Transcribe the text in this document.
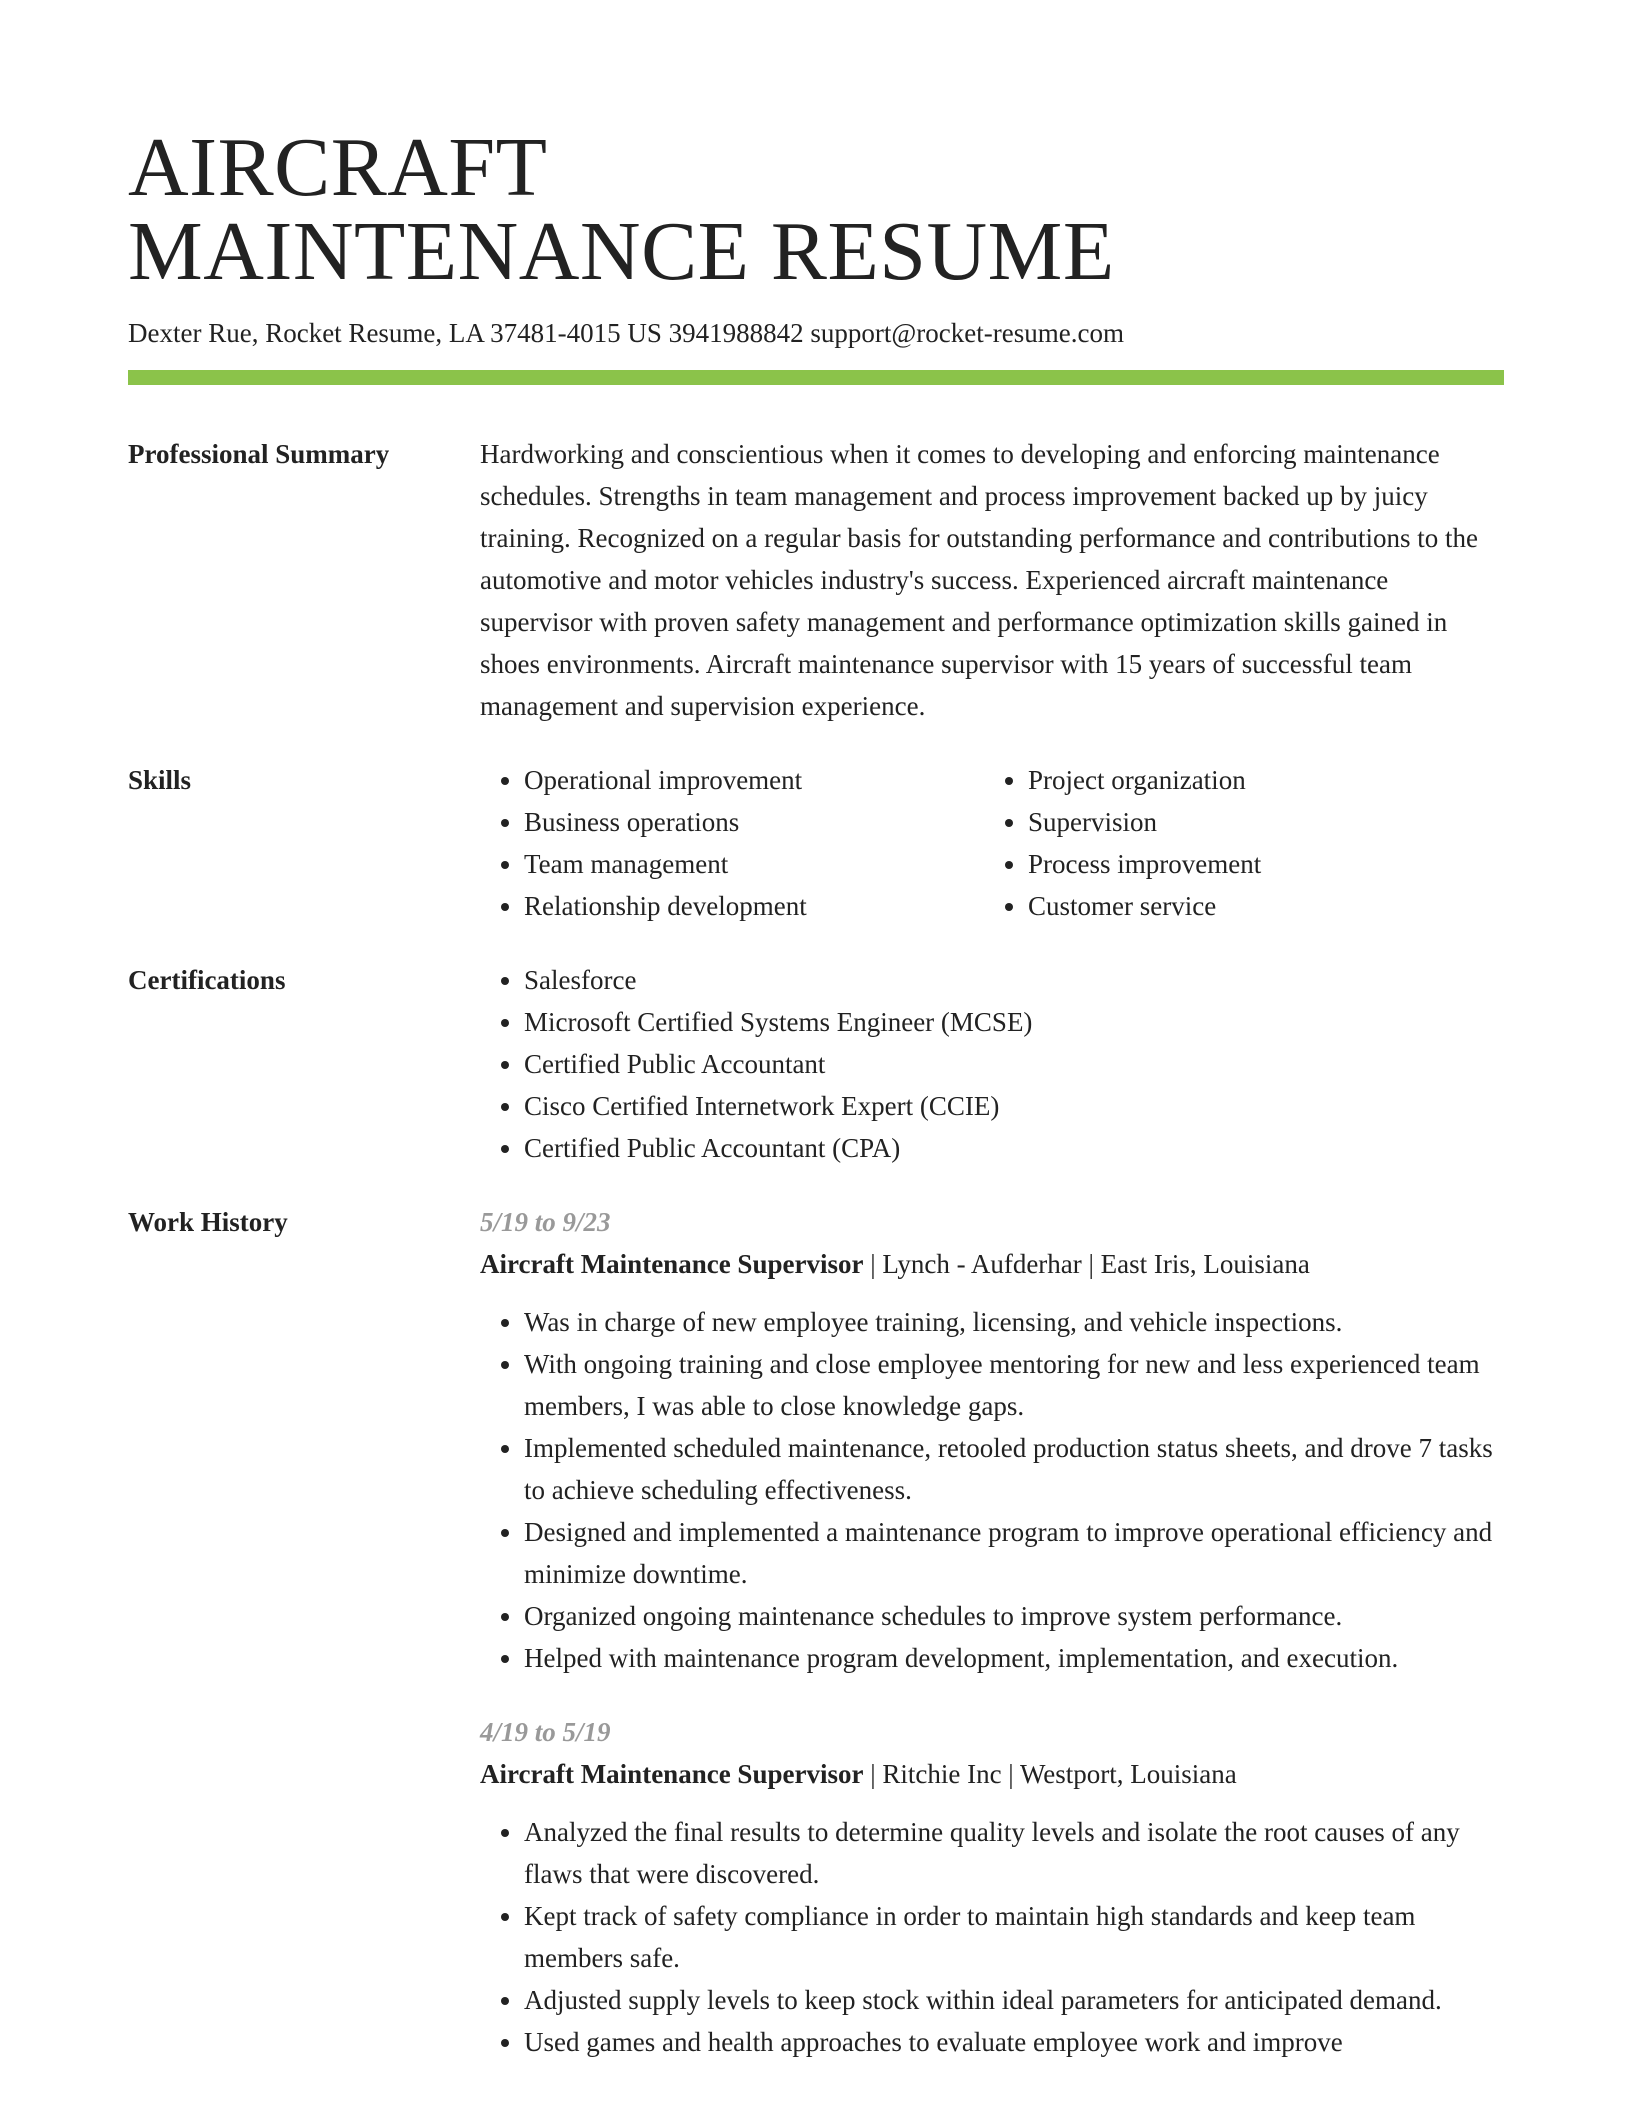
AIRCRAFT
MAINTENANCE RESUME
Dexter Rue, Rocket Resume, LA 37481-4015 US 3941988842 support@rocket-resume.com
Professional Summary	Hardworking and conscientious when it comes to developing and enforcing maintenance schedules. Strengths in team management and process improvement backed up by juicy training. Recognized on a regular basis for outstanding performance and contributions to the automotive and motor vehicles industry's success. Experienced aircraft maintenance supervisor with proven safety management and performance optimization skills gained in shoes environments. Aircraft maintenance supervisor with 15 years of successful team management and supervision experience.
Skills	• Operational improvement
• Business operations
• Team management
• Relationship development
• Project organization
• Supervision
• Process improvement
• Customer service
Certifications	• Salesforce
• Microsoft Certified Systems Engineer (MCSE)
• Certified Public Accountant
• Cisco Certified Internetwork Expert (CCIE)
• Certified Public Accountant (CPA)
Work History	5/19 to 9/23
Aircraft Maintenance Supervisor | Lynch - Aufderhar | East Iris, Louisiana
• Was in charge of new employee training, licensing, and vehicle inspections.
• With ongoing training and close employee mentoring for new and less experienced team members, I was able to close knowledge gaps.
• Implemented scheduled maintenance, retooled production status sheets, and drove 7 tasks to achieve scheduling effectiveness.
• Designed and implemented a maintenance program to improve operational efficiency and minimize downtime.
• Organized ongoing maintenance schedules to improve system performance.
• Helped with maintenance program development, implementation, and execution.
4/19 to 5/19
Aircraft Maintenance Supervisor | Ritchie Inc | Westport, Louisiana
• Analyzed the final results to determine quality levels and isolate the root causes of any flaws that were discovered.
• Kept track of safety compliance in order to maintain high standards and keep team members safe.
• Adjusted supply levels to keep stock within ideal parameters for anticipated demand.
• Used games and health approaches to evaluate employee work and improve
